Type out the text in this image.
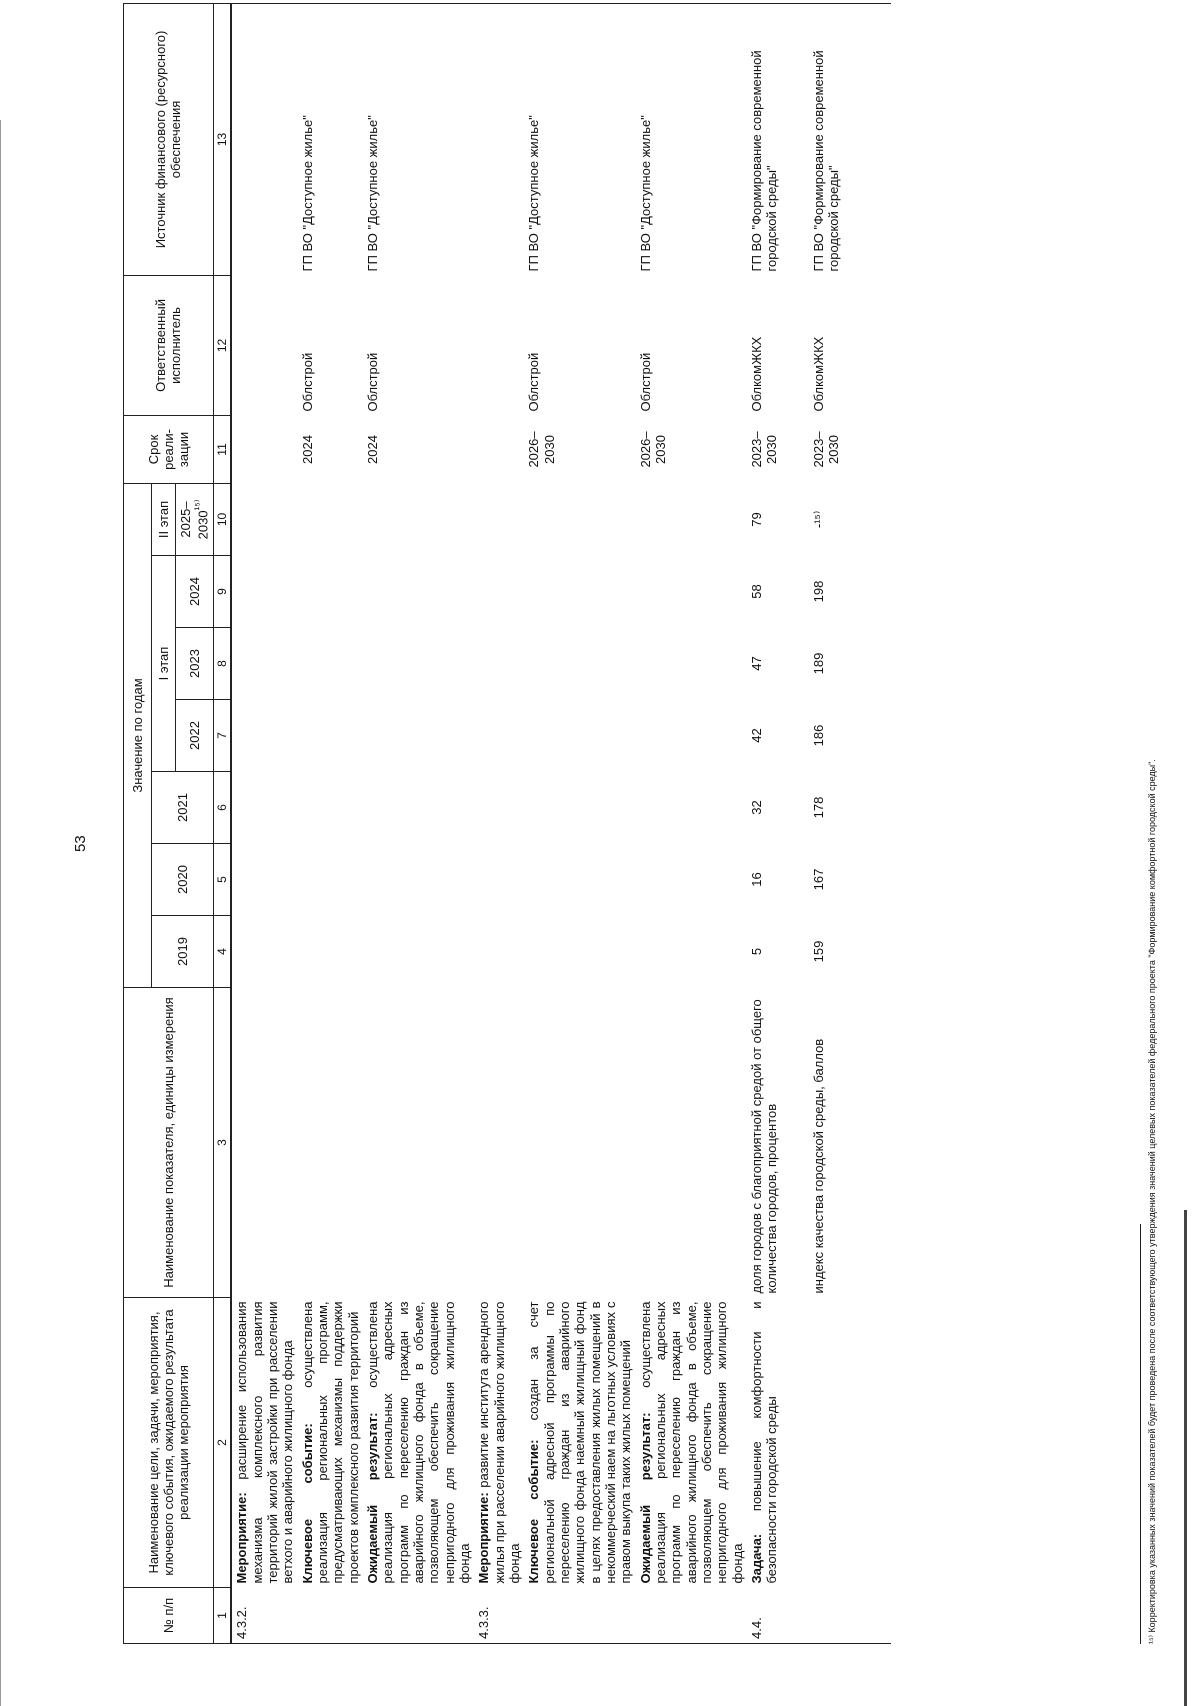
53
№ п/п	Наименование цели, задачи, мероприятия, ключевого события, ожидаемого результата реализации мероприятия	Наименование показателя, единицы измерения	Значение по годам							Срок реали-зации	Ответственный исполнитель	Источник финансового (ресурсного) обеспечения
			2019	2020	2021	I этап			II этап			
						2022	2023	2024	$2025-2030^{^{15)}}$
1	2	3	4	5	6	7	8	9	10	11	12	13
4.3.2.	Мероприятие: расширение использования механизма комплексного развития территорий жилой застройки при расселении ветхого и аварийного жилищного фонда											
	Ключевое событие: осуществлена реализация региональных программ, предусматривающих механизмы поддержки проектов комплексного развития территорий									2024	Облстрой	ГП ВО "Доступное жилье"
	Ожидаемый результат: осуществлена реализация региональных адресных программ по переселению граждан из аварийного жилищного фонда в объеме, позволяющем обеспечить сокращение непригодного для проживания жилищного фонда									2024	Облстрой	ГП ВО "Доступное жилье"
4.3.3.	Мероприятие: развитие института арендного жилья при расселении аварийного жилищного фонда											
	Ключевое событие: создан за счет региональной адресной программы по переселению граждан из аварийного жилищного фонда наемный жилищный фонд в целях предоставления жилых помещений в некоммерческий наем на льготных условиях с правом выкупа таких жилых помещений									2026–2030	Облстрой	ГП ВО "Доступное жилье"
	Ожидаемый результат: осуществлена реализация региональных адресных программ по переселению граждан из аварийного жилищного фонда в объеме, позволяющем обеспечить сокращение непригодного для проживания жилищного фонда									2026–2030	Облстрой	ГП ВО "Доступное жилье"
4.4.	Задача: повышение комфортности и безопасности городской среды	доля городов с благоприятной средой от общего количества городов, процентов	5	16	32	42	47	58	79	2023–2030	ОблкомЖКХ	ГП ВО "Формирование современной городской среды"
		индекс качества городской среды, баллов	159	167	178	186	189	198	-¹⁵⁾	2023–2030	ОблкомЖКХ	ГП ВО "Формирование современной городской среды"

¹⁵⁾ Корректировка указанных значений показателей будет проведена после соответствующего утверждения значений целевых показателей федерального проекта "Формирование комфортной городской среды".
